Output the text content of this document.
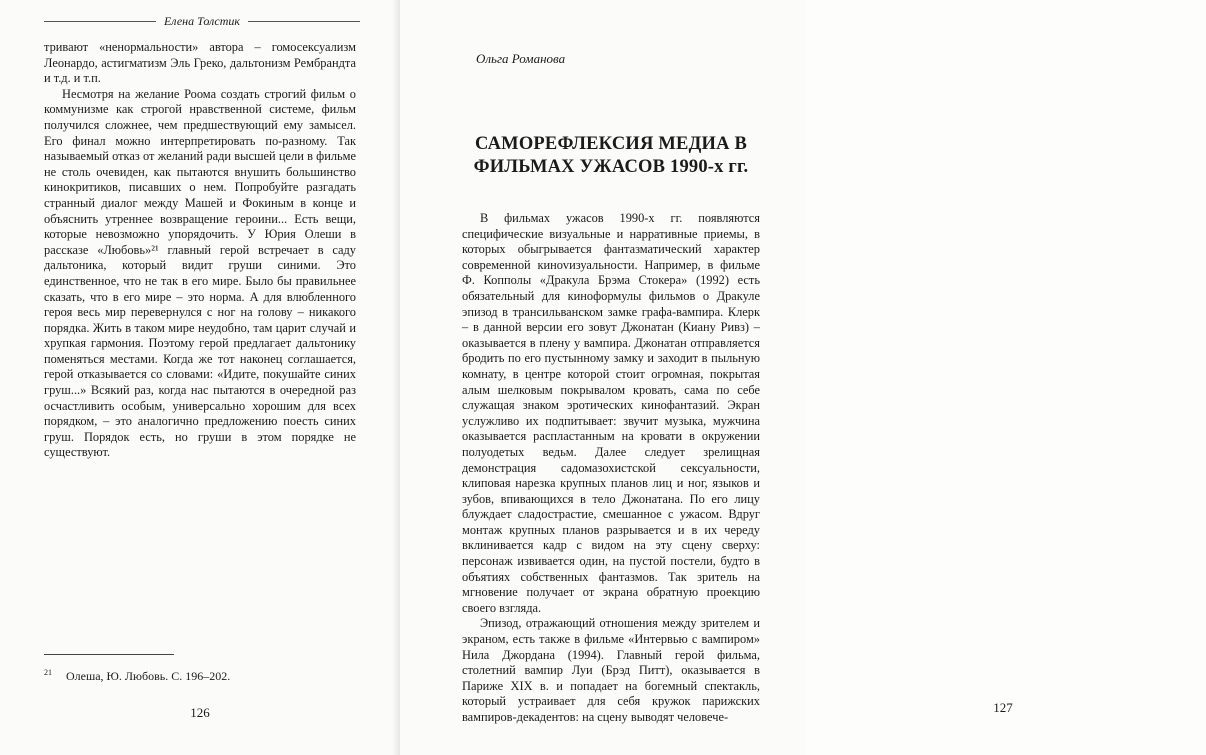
Елена Толстик

тривают «ненормальности» автора – гомосексуализм Леонардо, астигматизм Эль Греко, дальтонизм Рембрандта и т.д. и т.п.

Несмотря на желание Роома создать строгий фильм о коммунизме как строгой нравственной системе, фильм получился сложнее, чем предшествующий ему замысел. Его финал можно интерпретировать по-разному. Так называемый отказ от желаний ради высшей цели в фильме не столь очевиден, как пытаются внушить большинство кинокритиков, писавших о нем. Попробуйте разгадать странный диалог между Машей и Фокиным в конце и объяснить утреннее возвращение героини... Есть вещи, которые невозможно упорядочить. У Юрия Олеши в рассказе «Любовь»²¹ главный герой встречает в саду дальтоника, который видит груши синими. Это единственное, что не так в его мире. Было бы правильнее сказать, что в его мире – это норма. А для влюбленного героя весь мир перевернулся с ног на голову – никакого порядка. Жить в таком мире неудобно, там царит случай и хрупкая гармония. Поэтому герой предлагает дальтонику поменяться местами. Когда же тот наконец соглашается, герой отказывается со словами: «Идите, покушайте синих груш...» Всякий раз, когда нас пытаются в очередной раз осчастливить особым, универсально хорошим для всех порядком, – это аналогично предложению поесть синих груш. Порядок есть, но груши в этом порядке не существуют.

$^{21}$ Олеша, Ю. Любовь. С. 196–202.
126
Ольга Романова
САМОРЕФЛЕКСИЯ МЕДИА В
ФИЛЬМАХ УЖАСОВ 1990-х гг.

В фильмах ужасов 1990-х гг. появляются специфические визуальные и нарративные приемы, в которых обыгрывается фантазматический характер современной кинovизуальности. Например, в фильме Ф. Копполы «Дракула Брэма Стокера» (1992) есть обязательный для киноформулы фильмов о Дракуле эпизод в трансильванском замке графа-вампира. Клерк – в данной версии его зовут Джонатан (Киану Ривз) – оказывается в плену у вампира. Джонатан отправляется бродить по его пустынному замку и заходит в пыльную комнату, в центре которой стоит огромная, покрытая алым шелковым покрывалом кровать, сама по себе служащая знаком эротических кинофантазий. Экран услужливо их подпитывает: звучит музыка, мужчина оказывается распластанным на кровати в окружении полуодетых ведьм. Далее следует зрелищная демонстрация садомазохистской сексуальности, клиповая нарезка крупных планов лиц и ног, языков и зубов, впивающихся в тело Джонатана. По его лицу блуждает сладострастие, смешанное с ужасом. Вдруг монтаж крупных планов разрывается и в их череду вклинивается кадр с видом на эту сцену сверху: персонаж извивается один, на пустой постели, будто в объятиях собственных фантазмов. Так зритель на мгновение получает от экрана обратную проекцию своего взгляда.

Эпизод, отражающий отношения между зрителем и экраном, есть также в фильме «Интервью с вампиром» Нила Джордана (1994). Главный герой фильма, столетний вампир Луи (Брэд Питт), оказывается в Париже XIX в. и попадает на богемный спектакль, который устраивает для себя кружок парижских вампиров-декадентов: на сцену выводят человече-

127
